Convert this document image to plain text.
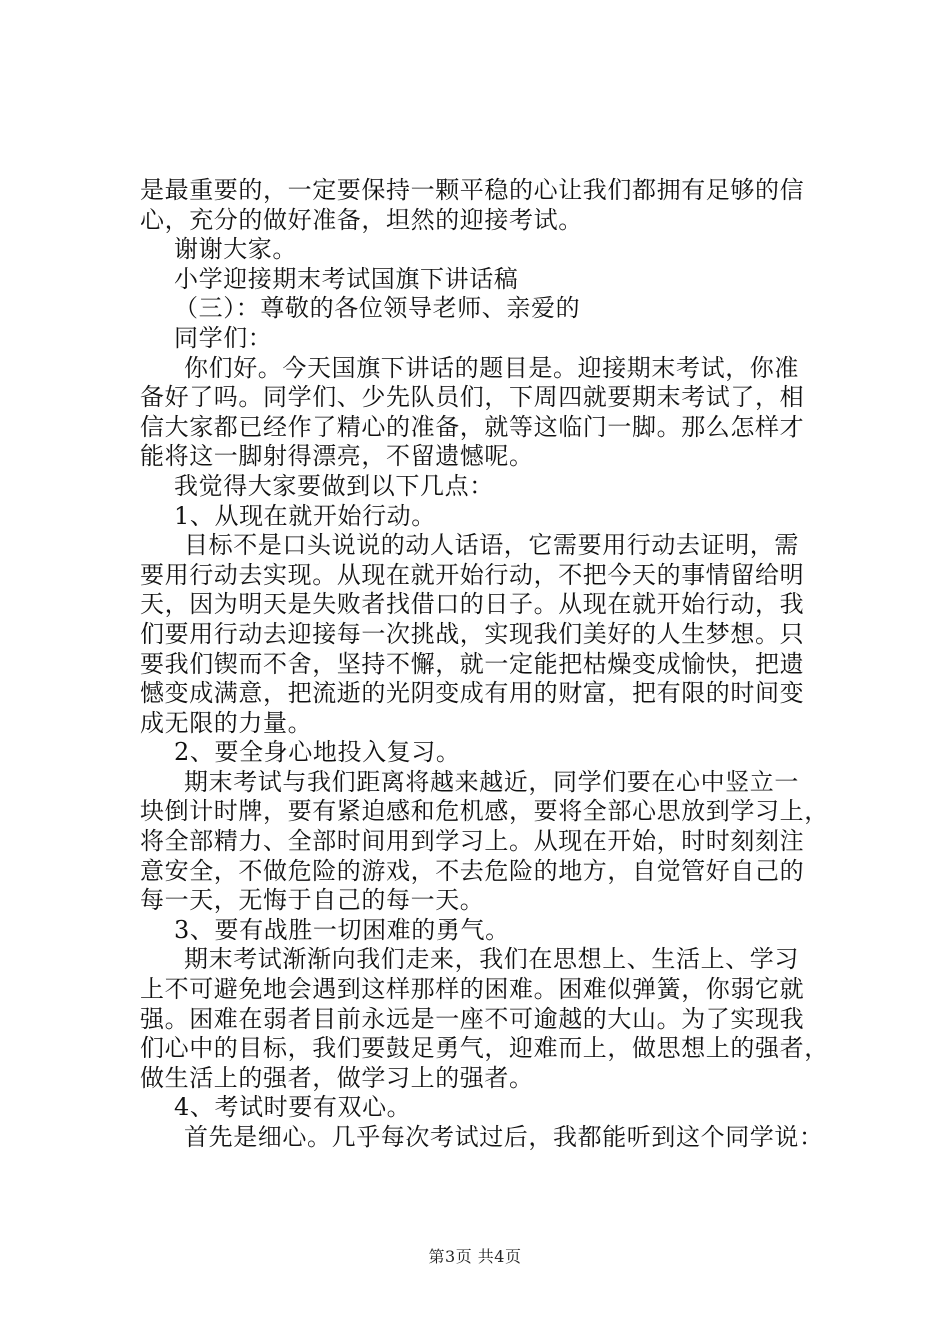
是最重要的，一定要保持一颗平稳的心让我们都拥有足够的信
心，充分的做好准备，坦然的迎接考试。
谢谢大家。
小学迎接期末考试国旗下讲话稿
（三）：尊敬的各位领导老师、亲爱的
同学们：
你们好。今天国旗下讲话的题目是。迎接期末考试，你准
备好了吗。同学们、少先队员们，下周四就要期末考试了，相
信大家都已经作了精心的准备，就等这临门一脚。那么怎样才
能将这一脚射得漂亮，不留遗憾呢。
我觉得大家要做到以下几点：
1、从现在就开始行动。
目标不是口头说说的动人话语，它需要用行动去证明，需
要用行动去实现。从现在就开始行动，不把今天的事情留给明
天，因为明天是失败者找借口的日子。从现在就开始行动，我
们要用行动去迎接每一次挑战，实现我们美好的人生梦想。只
要我们锲而不舍，坚持不懈，就一定能把枯燥变成愉快，把遗
憾变成满意，把流逝的光阴变成有用的财富，把有限的时间变
成无限的力量。
2、要全身心地投入复习。
期末考试与我们距离将越来越近，同学们要在心中竖立一
块倒计时牌，要有紧迫感和危机感，要将全部心思放到学习上，
将全部精力、全部时间用到学习上。从现在开始，时时刻刻注
意安全，不做危险的游戏，不去危险的地方，自觉管好自己的
每一天，无悔于自己的每一天。
3、要有战胜一切困难的勇气。
期末考试渐渐向我们走来，我们在思想上、生活上、学习
上不可避免地会遇到这样那样的困难。困难似弹簧，你弱它就
强。困难在弱者目前永远是一座不可逾越的大山。为了实现我
们心中的目标，我们要鼓足勇气，迎难而上，做思想上的强者，
做生活上的强者，做学习上的强者。
4、考试时要有双心。
首先是细心。几乎每次考试过后，我都能听到这个同学说：
第3页 共4页
